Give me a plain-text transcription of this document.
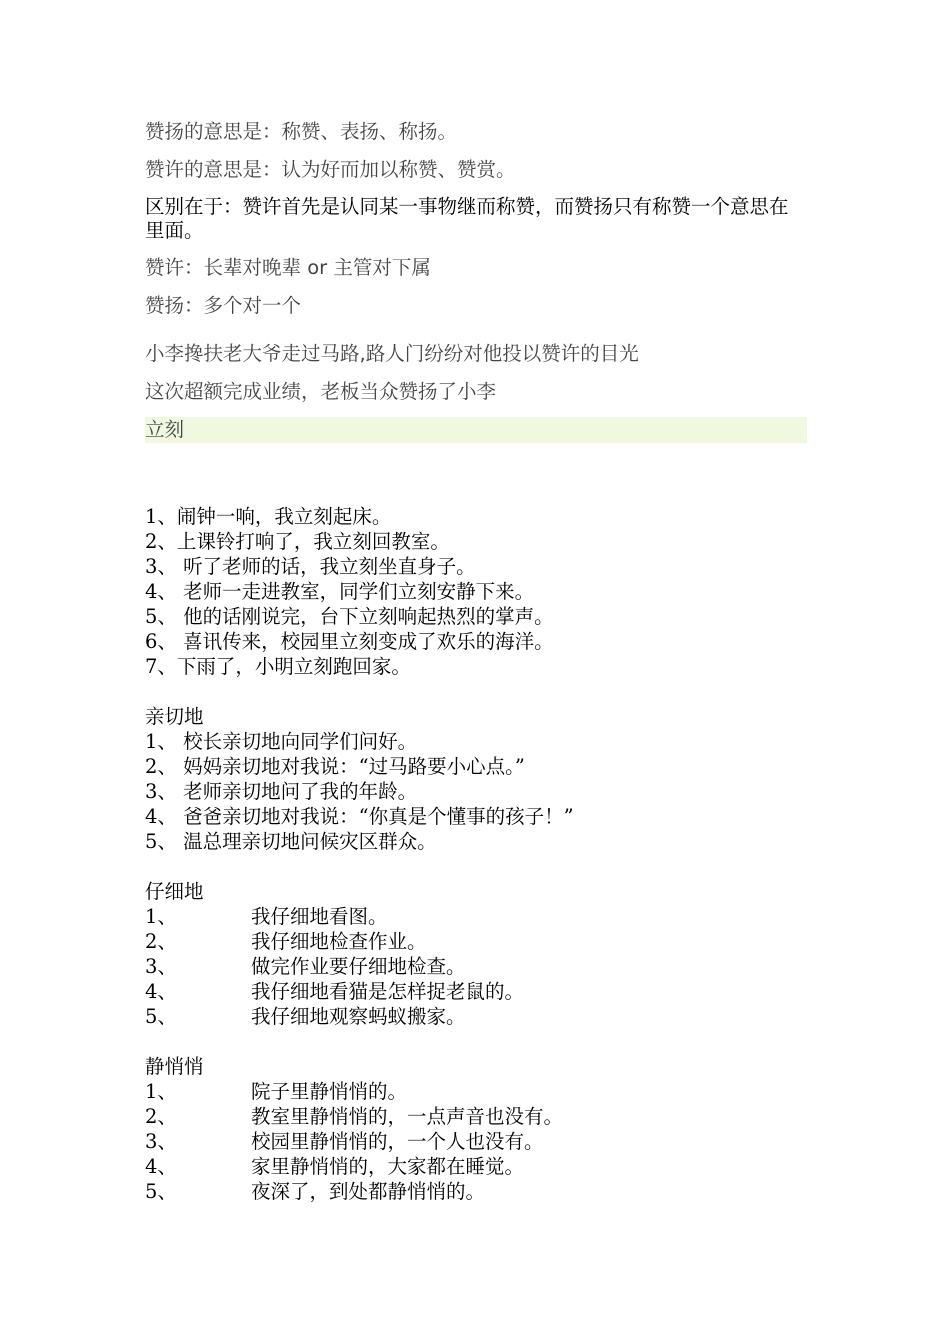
赞扬的意思是：称赞、表扬、称扬。
赞许的意思是：认为好而加以称赞、赞赏。
区别在于：赞许首先是认同某一事物继而称赞，而赞扬只有称赞一个意思在里面。
赞许：长辈对晚辈 or 主管对下属
赞扬：多个对一个
小李搀扶老大爷走过马路,路人门纷纷对他投以赞许的目光
这次超额完成业绩，老板当众赞扬了小李
立刻
1、闹钟一响，我立刻起床。
2、上课铃打响了，我立刻回教室。
3、 听了老师的话，我立刻坐直身子。
4、 老师一走进教室，同学们立刻安静下来。
5、 他的话刚说完，台下立刻响起热烈的掌声。
6、 喜讯传来，校园里立刻变成了欢乐的海洋。
7、下雨了，小明立刻跑回家。
亲切地
1、 校长亲切地向同学们问好。
2、 妈妈亲切地对我说：“过马路要小心点。”
3、 老师亲切地问了我的年龄。
4、 爸爸亲切地对我说：“你真是个懂事的孩子！”
5、 温总理亲切地问候灾区群众。
仔细地
1、	我仔细地看图。
2、	我仔细地检查作业。
3、	做完作业要仔细地检查。
4、	我仔细地看猫是怎样捉老鼠的。
5、	我仔细地观察蚂蚁搬家。
静悄悄
1、	院子里静悄悄的。
2、	教室里静悄悄的，一点声音也没有。
3、	校园里静悄悄的，一个人也没有。
4、	家里静悄悄的，大家都在睡觉。
5、	夜深了，到处都静悄悄的。
